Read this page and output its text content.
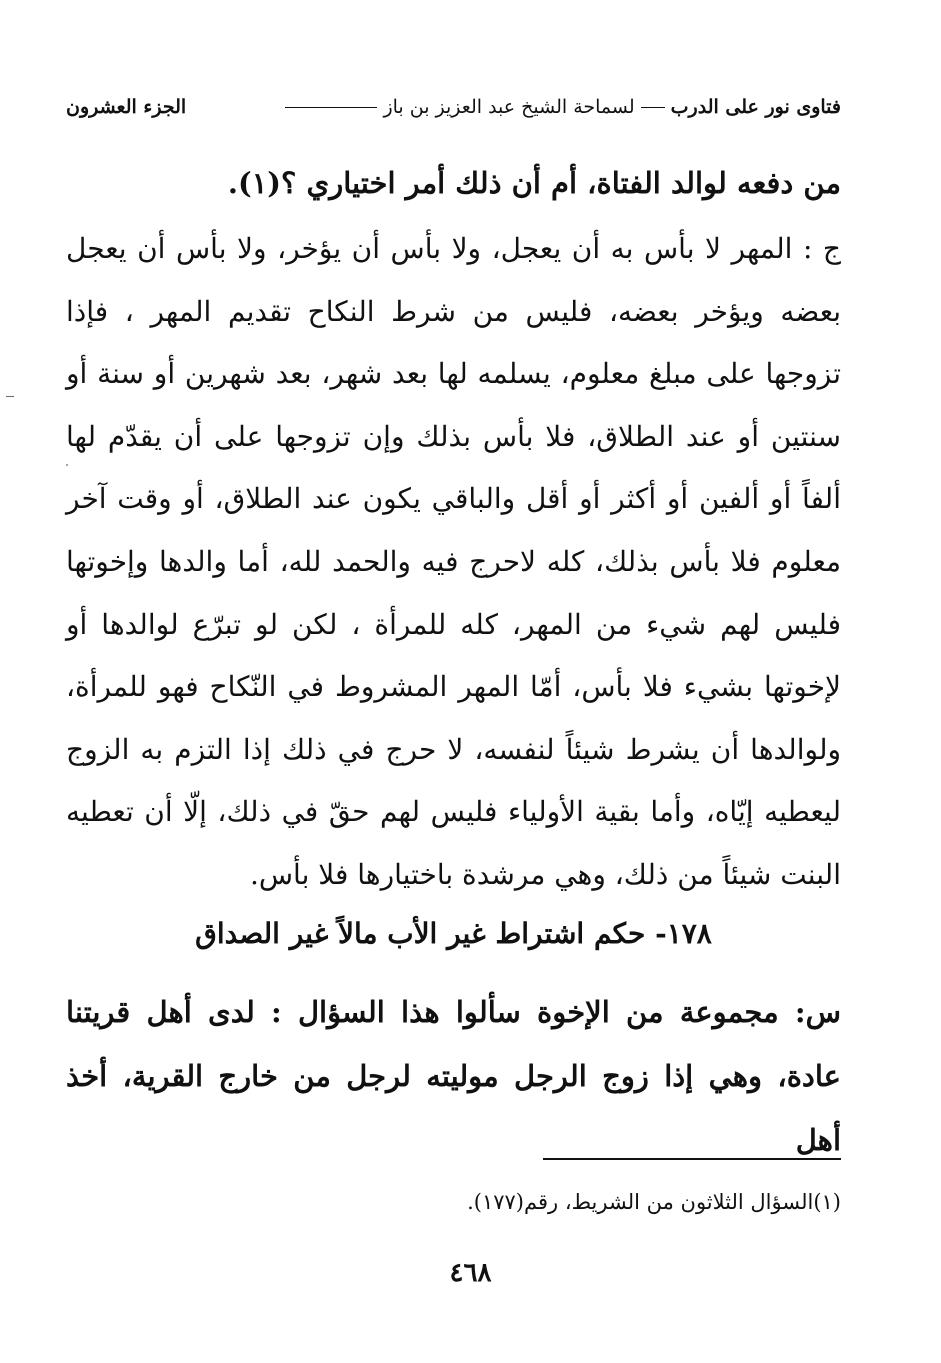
فتاوى نور على الدرب
لسماحة الشيخ عبد العزيز بن باز
الجزء العشرون
من دفعه لوالد الفتاة، أم أن ذلك أمر اختياري ؟(١).
ج : المهر لا بأس به أن يعجل، ولا بأس أن يؤخر، ولا بأس أن يعجل بعضه ويؤخر بعضه، فليس من شرط النكاح تقديم المهر ، فإذا تزوجها على مبلغ معلوم، يسلمه لها بعد شهر، بعد شهرين أو سنة أو سنتين أو عند الطلاق، فلا بأس بذلك وإن تزوجها على أن يقدّم لها ألفاً أو ألفين أو أكثر أو أقل والباقي يكون عند الطلاق، أو وقت آخر معلوم فلا بأس بذلك، كله لاحرج فيه والحمد لله، أما والدها وإخوتها فليس لهم شيء من المهر، كله للمرأة ، لكن لو تبرّع لوالدها أو لإخوتها بشيء فلا بأس، أمّا المهر المشروط في النّكاح فهو للمرأة، ولوالدها أن يشرط شيئاً لنفسه، لا حرج في ذلك إذا التزم به الزوج ليعطيه إيّاه، وأما بقية الأولياء فليس لهم حقّ في ذلك، إلّا أن تعطيه البنت شيئاً من ذلك، وهي مرشدة باختيارها فلا بأس.
١٧٨- حكم اشتراط غير الأب مالاً غير الصداق
س: مجموعة من الإخوة سألوا هذا السؤال : لدى أهل قريتنا عادة، وهي إذا زوج الرجل موليته لرجل من خارج القرية، أخذ أهل
(١)السؤال الثلاثون من الشريط، رقم(١٧٧).
٤٦٨
